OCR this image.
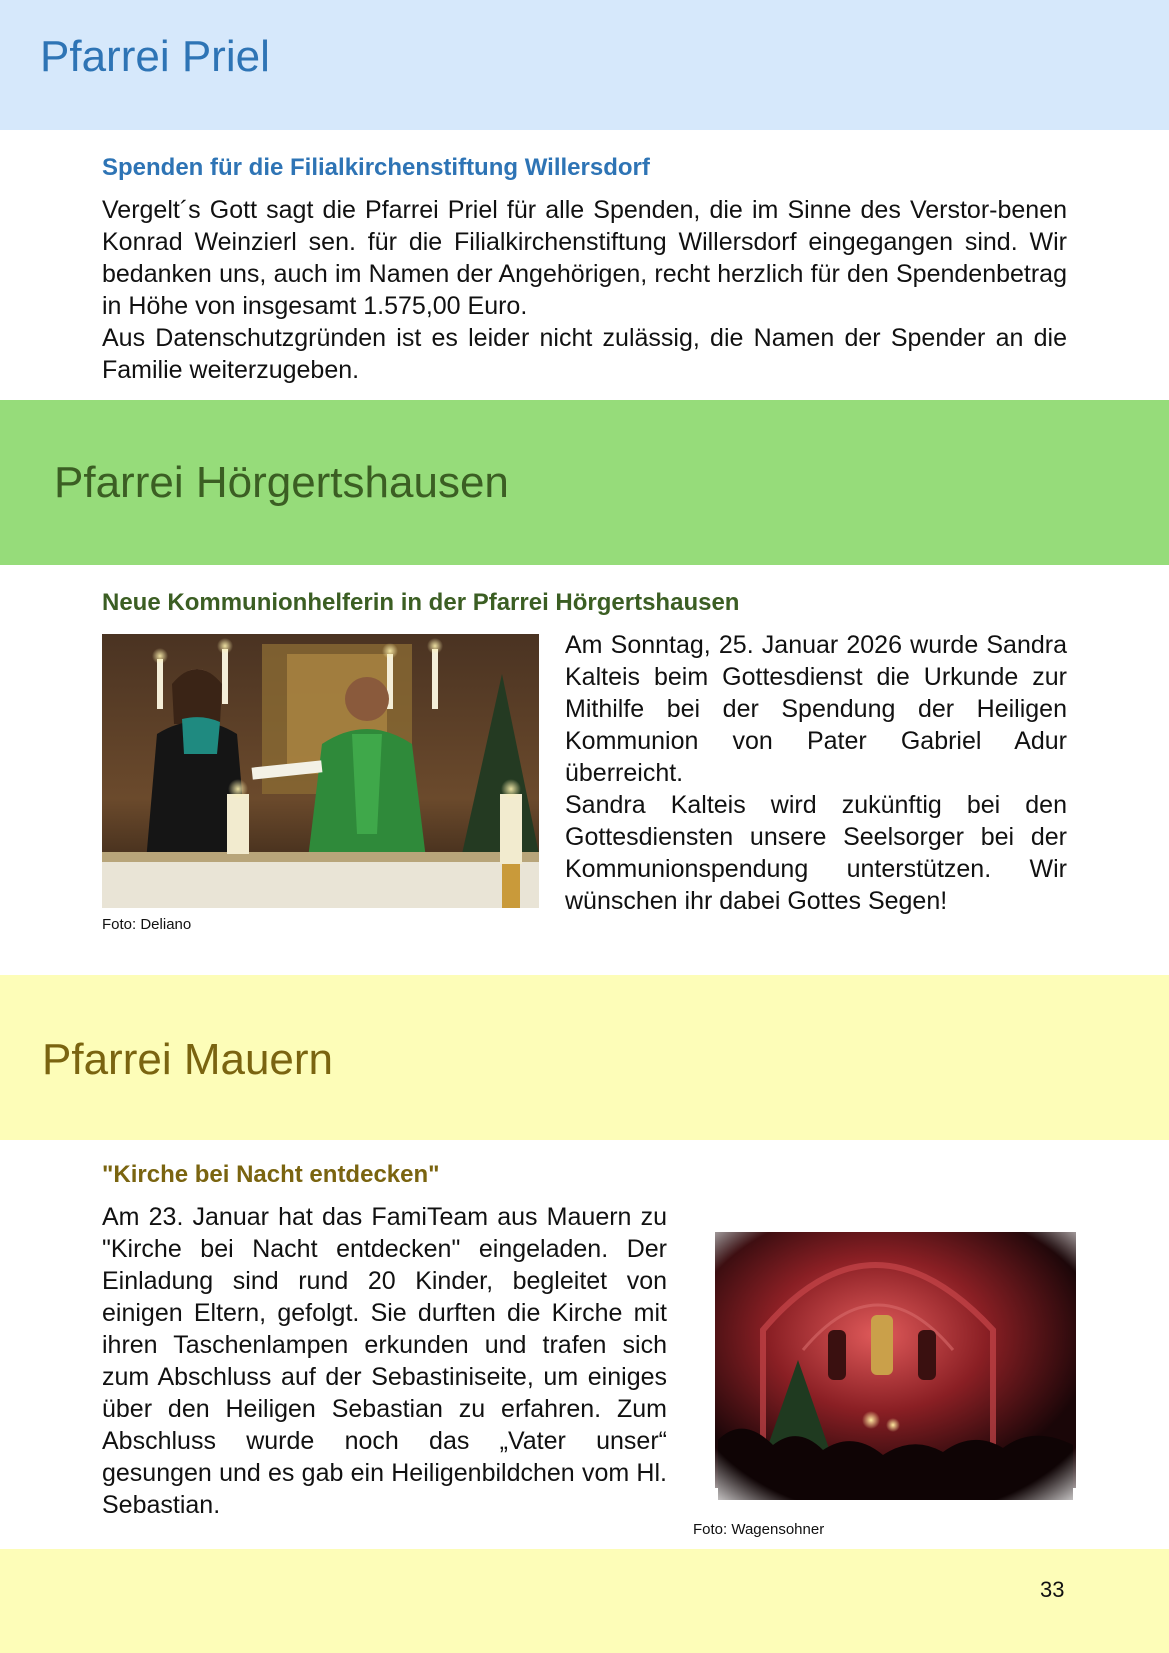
Pfarrei Priel
Spenden für die Filialkirchenstiftung Willersdorf

Vergelt´s Gott sagt die Pfarrei Priel für alle Spenden, die im Sinne des Verstor-benen Konrad Weinzierl sen. für die Filialkirchenstiftung Willersdorf eingegangen sind. Wir bedanken uns, auch im Namen der Angehörigen, recht herzlich für den Spendenbetrag in Höhe von insgesamt 1.575,00 Euro.

Aus Datenschutzgründen ist es leider nicht zulässig, die Namen der Spender an die Familie weiterzugeben.

Pfarrei Hörgertshausen
Neue Kommunionhelferin in der Pfarrei Hörgertshausen

Foto: Deliano

Am Sonntag, 25. Januar 2026 wurde Sandra Kalteis beim Gottesdienst die Urkunde zur Mithilfe bei der Spendung der Heiligen Kommunion von Pater Gabriel Adur überreicht.

Sandra Kalteis wird zukünftig bei den Gottesdiensten unsere Seelsorger bei der Kommunionspendung unterstützen. Wir wünschen ihr dabei Gottes Segen!

Pfarrei Mauern
"Kirche bei Nacht entdecken"

Am 23. Januar hat das FamiTeam aus Mauern zu "Kirche bei Nacht entdecken" eingeladen. Der Einladung sind rund 20 Kinder, begleitet von einigen Eltern, gefolgt. Sie durften die Kirche mit ihren Taschenlampen erkunden und trafen sich zum Abschluss auf der Sebastiniseite, um einiges über den Heiligen Sebastian zu erfahren. Zum Abschluss wurde noch das „Vater unser“ gesungen und es gab ein Heiligenbildchen vom Hl. Sebastian.

Foto: Wagensohner

33
